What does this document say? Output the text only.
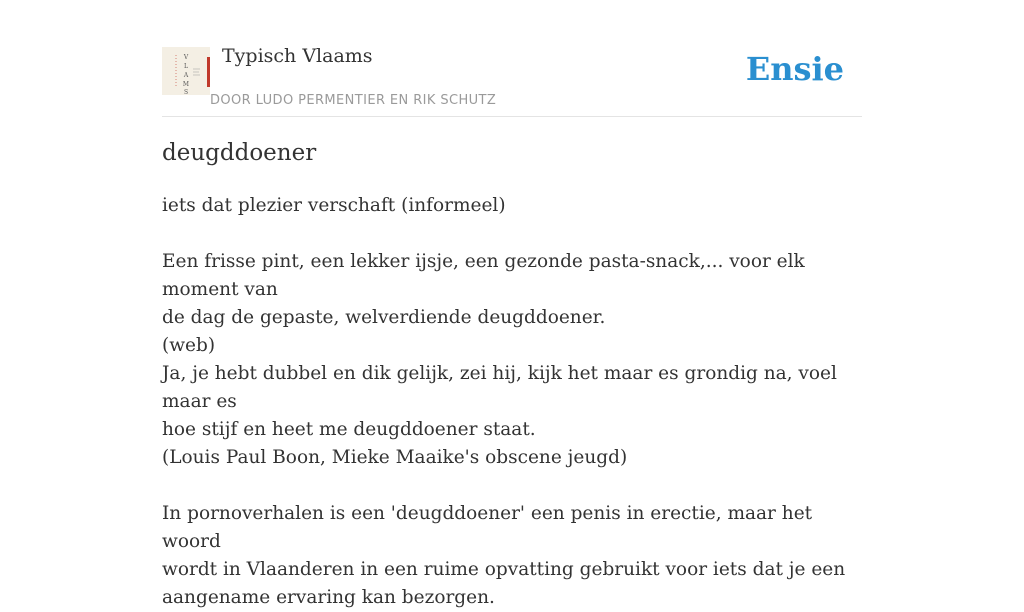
V
L
A
M
S
Typisch Vlaams
DOOR LUDO PERMENTIER EN RIK SCHUTZ
Ensie
deugddoener
iets dat plezier verschaft (informeel)
Een frisse pint, een lekker ijsje, een gezonde pasta-snack,... voor elk moment van
de dag de gepaste, welverdiende deugddoener.
(web)
Ja, je hebt dubbel en dik gelijk, zei hij, kijk het maar es grondig na, voel maar es
hoe stijf en heet me deugddoener staat.
(Louis Paul Boon, Mieke Maaike's obscene jeugd)
In pornoverhalen is een 'deugddoener' een penis in erectie, maar het woord
wordt in Vlaanderen in een ruime opvatting gebruikt voor iets dat je een
aangename ervaring kan bezorgen.
